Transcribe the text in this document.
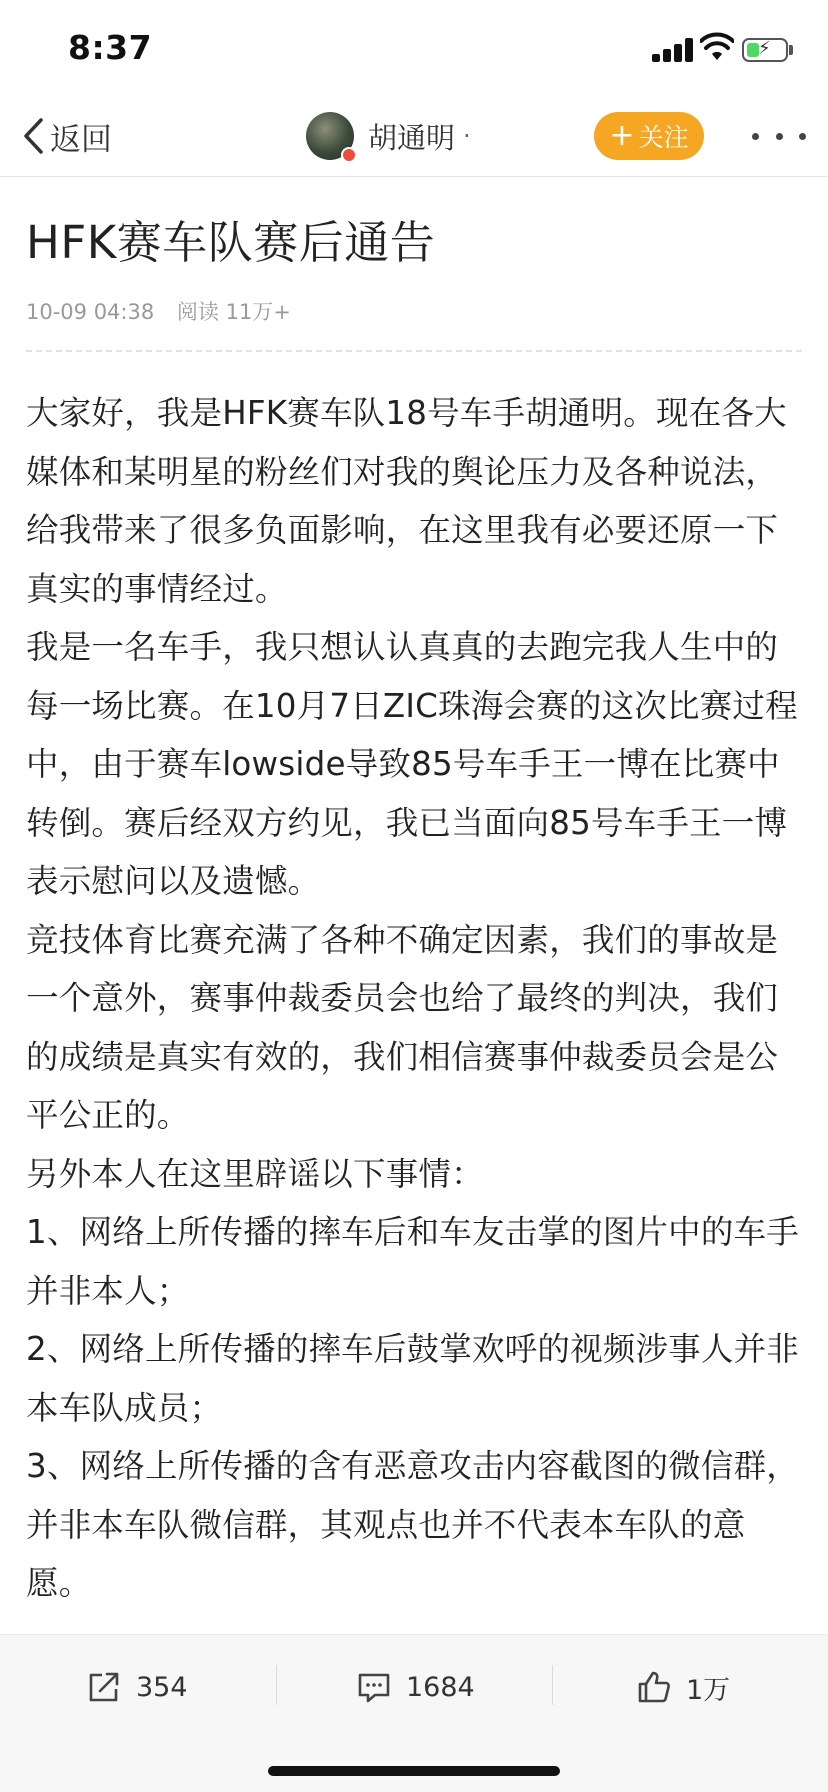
8:37	⚡
返回	胡通明 ·	+ 关注
HFK赛车队赛后通告
10-09 04:38 阅读 11万+

大家好，我是HFK赛车队18号车手胡通明。现在各大媒体和某明星的粉丝们对我的舆论压力及各种说法，给我带来了很多负面影响，在这里我有必要还原一下真实的事情经过。

我是一名车手，我只想认认真真的去跑完我人生中的每一场比赛。在10月7日ZIC珠海会赛的这次比赛过程中，由于赛车lowside导致85号车手王一博在比赛中转倒。赛后经双方约见，我已当面向85号车手王一博表示慰问以及遗憾。

竞技体育比赛充满了各种不确定因素，我们的事故是一个意外，赛事仲裁委员会也给了最终的判决，我们的成绩是真实有效的，我们相信赛事仲裁委员会是公平公正的。

另外本人在这里辟谣以下事情：

1、网络上所传播的摔车后和车友击掌的图片中的车手并非本人；

2、网络上所传播的摔车后鼓掌欢呼的视频涉事人并非本车队成员；

3、网络上所传播的含有恶意攻击内容截图的微信群，并非本车队微信群，其观点也并不代表本车队的意愿。

354	1684	1万
